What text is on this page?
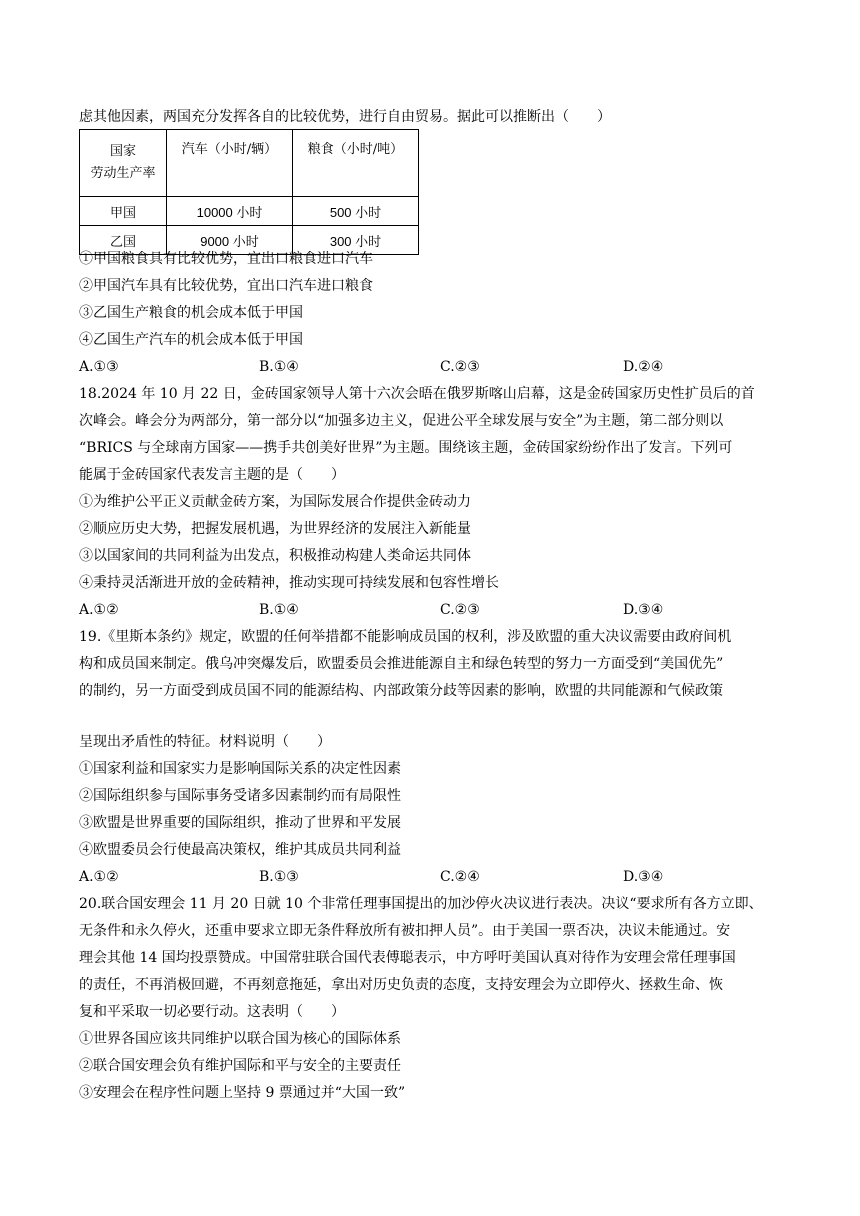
虑其他因素，两国充分发挥各自的比较优势，进行自由贸易。据此可以推断出（　　）
国家
劳动生产率	汽车（小时/辆）	粮食（小时/吨）
甲国	10000 小时	500 小时
乙国	9000 小时	300 小时
①甲国粮食具有比较优势，宜出口粮食进口汽车
②甲国汽车具有比较优势，宜出口汽车进口粮食
③乙国生产粮食的机会成本低于甲国
④乙国生产汽车的机会成本低于甲国
A.①③	B.①④	C.②③	D.②④
18.2024 年 10 月 22 日，金砖国家领导人第十六次会晤在俄罗斯喀山启幕，这是金砖国家历史性扩员后的首
次峰会。峰会分为两部分，第一部分以“加强多边主义，促进公平全球发展与安全”为主题，第二部分则以
“BRICS 与全球南方国家——携手共创美好世界”为主题。围绕该主题，金砖国家纷纷作出了发言。下列可
能属于金砖国家代表发言主题的是（　　）
①为维护公平正义贡献金砖方案，为国际发展合作提供金砖动力
②顺应历史大势，把握发展机遇，为世界经济的发展注入新能量
③以国家间的共同利益为出发点，积极推动构建人类命运共同体
④秉持灵活渐进开放的金砖精神，推动实现可持续发展和包容性增长
A.①②	B.①④	C.②③	D.③④
19.《里斯本条约》规定，欧盟的任何举措都不能影响成员国的权利，涉及欧盟的重大决议需要由政府间机
构和成员国来制定。俄乌冲突爆发后，欧盟委员会推进能源自主和绿色转型的努力一方面受到“美国优先”
的制约，另一方面受到成员国不同的能源结构、内部政策分歧等因素的影响，欧盟的共同能源和气候政策
呈现出矛盾性的特征。材料说明（　　）
①国家利益和国家实力是影响国际关系的决定性因素
②国际组织参与国际事务受诸多因素制约而有局限性
③欧盟是世界重要的国际组织，推动了世界和平发展
④欧盟委员会行使最高决策权，维护其成员共同利益
A.①②	B.①③	C.②④	D.③④
20.联合国安理会 11 月 20 日就 10 个非常任理事国提出的加沙停火决议进行表决。决议“要求所有各方立即、
无条件和永久停火，还重申要求立即无条件释放所有被扣押人员”。由于美国一票否决，决议未能通过。安
理会其他 14 国均投票赞成。中国常驻联合国代表傅聪表示，中方呼吁美国认真对待作为安理会常任理事国
的责任，不再消极回避，不再刻意拖延，拿出对历史负责的态度，支持安理会为立即停火、拯救生命、恢
复和平采取一切必要行动。这表明（　　）
①世界各国应该共同维护以联合国为核心的国际体系
②联合国安理会负有维护国际和平与安全的主要责任
③安理会在程序性问题上坚持 9 票通过并“大国一致”
